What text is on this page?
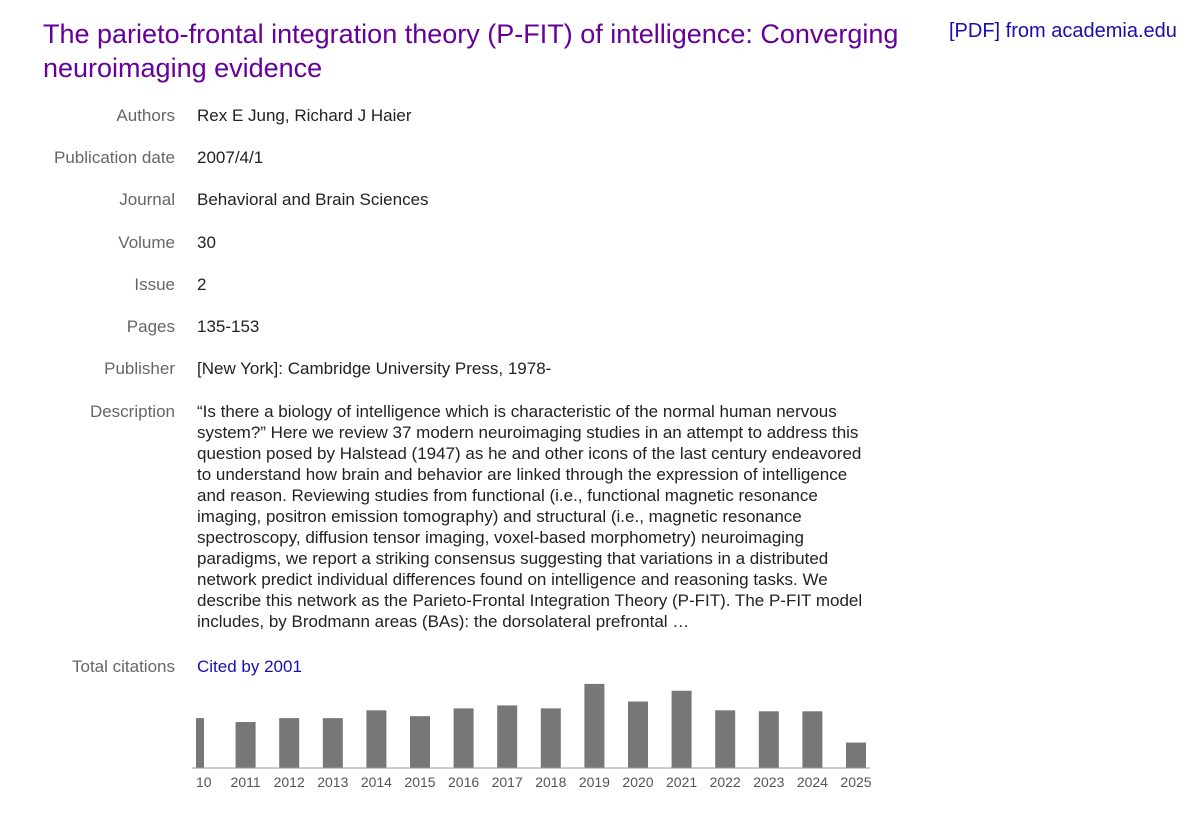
The parieto-frontal integration theory (P-FIT) of intelligence: Converging neuroimaging evidence
[PDF] from academia.edu
Authors Rex E Jung, Richard J Haier
Publication date 2007/4/1
Journal Behavioral and Brain Sciences
Volume 30
Issue 2
Pages 135-153
Publisher [New York]: Cambridge University Press, 1978-
Description “Is there a biology of intelligence which is characteristic of the normal human nervous system?” Here we review 37 modern neuroimaging studies in an attempt to address this question posed by Halstead (1947) as he and other icons of the last century endeavored to understand how brain and behavior are linked through the expression of intelligence and reason. Reviewing studies from functional (i.e., functional magnetic resonance imaging, positron emission tomography) and structural (i.e., magnetic resonance spectroscopy, diffusion tensor imaging, voxel-based morphometry) neuroimaging paradigms, we report a striking consensus suggesting that variations in a distributed network predict individual differences found on intelligence and reasoning tasks. We describe this network as the Parieto-Frontal Integration Theory (P-FIT). The P-FIT model includes, by Brodmann areas (BAs): the dorsolateral prefrontal …
Total citations Cited by 2001
10 2011 2012 2013 2014 2015 2016 2017 2018 2019 2020 2021 2022 2023 2024 2025
